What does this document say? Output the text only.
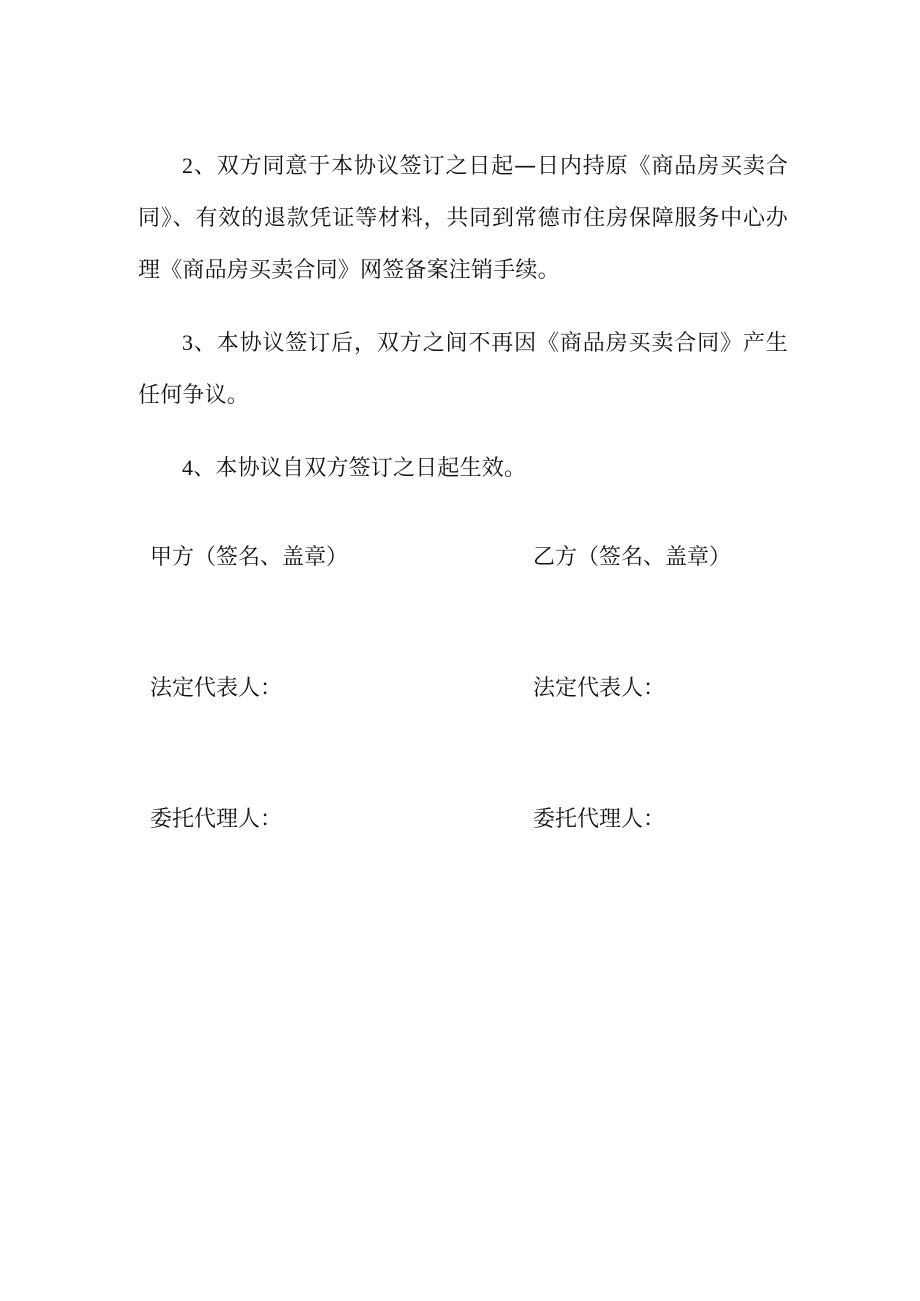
2、双方同意于本协议签订之日起—日内持原《商品房买卖合同》、有效的退款凭证等材料，共同到常德市住房保障服务中心办理《商品房买卖合同》网签备案注销手续。

3、本协议签订后，双方之间不再因《商品房买卖合同》产生任何争议。

4、本协议自双方签订之日起生效。

甲方（签名、盖章）	乙方（签名、盖章）
法定代表人：	法定代表人：
委托代理人：	委托代理人：
